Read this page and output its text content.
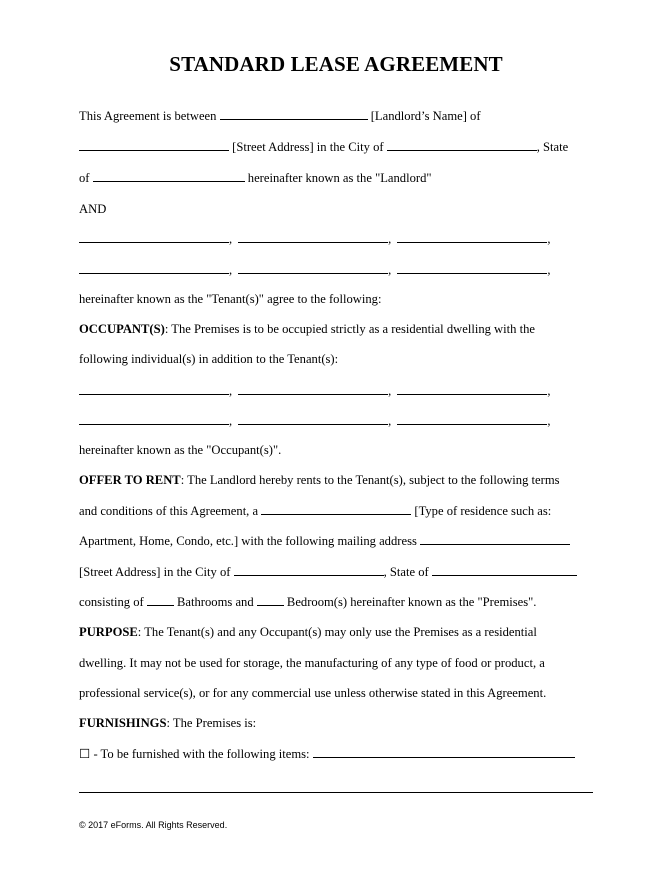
STANDARD LEASE AGREEMENT
This Agreement is between	[Landlord’s Name] of
[Street Address] in the City of	, State
of	hereinafter known as the "Landlord"
AND
,	,	,
,	,	,
hereinafter known as the "Tenant(s)" agree to the following:
OCCUPANT(S): The Premises is to be occupied strictly as a residential dwelling with the
following individual(s) in addition to the Tenant(s):
,	,	,
,	,	,
hereinafter known as the "Occupant(s)".
OFFER TO RENT: The Landlord hereby rents to the Tenant(s), subject to the following terms
and conditions of this Agreement, a	[Type of residence such as:
Apartment, Home, Condo, etc.] with the following mailing address
[Street Address] in the City of	, State of
consisting of  Bathrooms and  Bedroom(s) hereinafter known as the "Premises".
PURPOSE: The Tenant(s) and any Occupant(s) may only use the Premises as a residential
dwelling. It may not be used for storage, the manufacturing of any type of food or product, a
professional service(s), or for any commercial use unless otherwise stated in this Agreement.
FURNISHINGS: The Premises is:
☐ - To be furnished with the following items:
© 2017 eForms. All Rights Reserved.
